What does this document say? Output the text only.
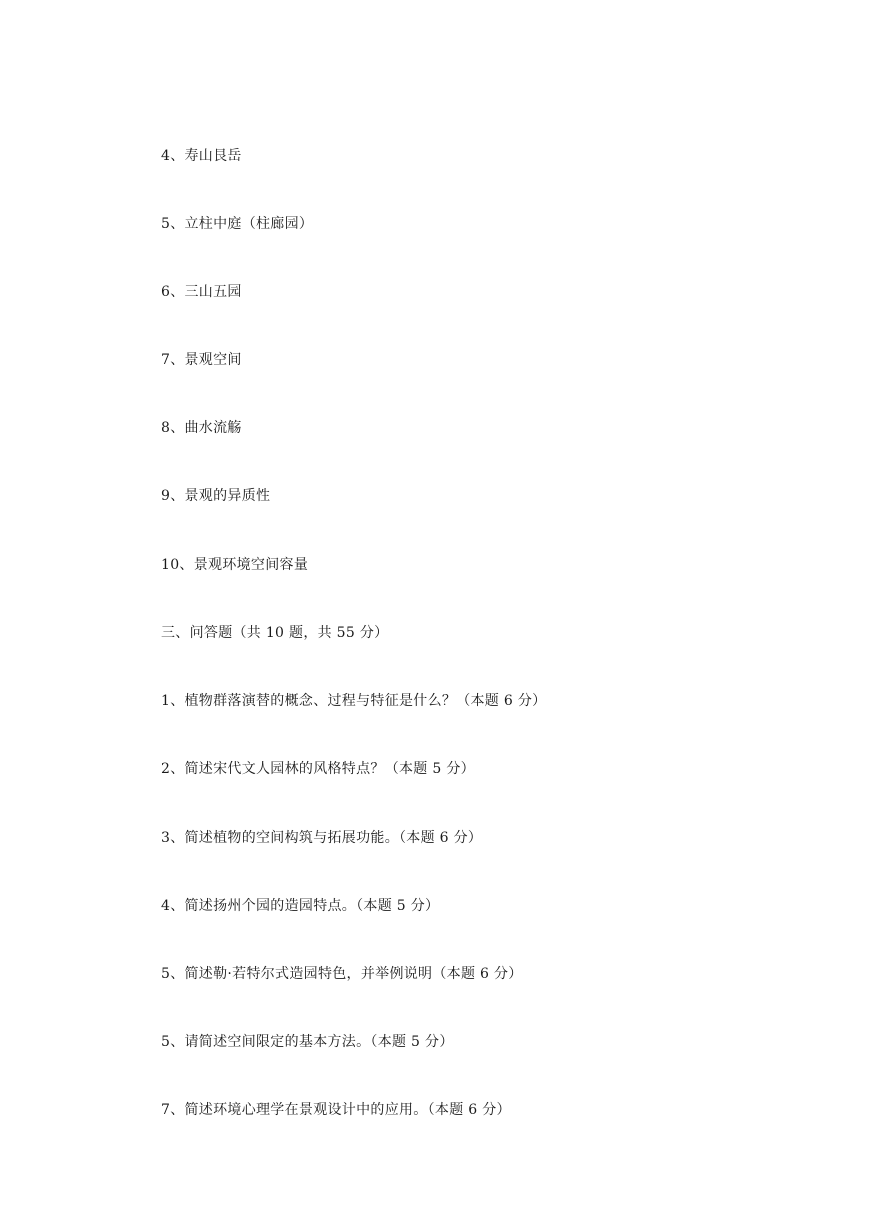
4、寿山艮岳
5、立柱中庭（柱廊园）
6、三山五园
7、景观空间
8、曲水流觞
9、景观的异质性
10、景观环境空间容量
三、问答题（共 10 题，共 55 分）
1、植物群落演替的概念、过程与特征是什么？（本题 6 分）
2、简述宋代文人园林的风格特点？（本题 5 分）
3、简述植物的空间构筑与拓展功能。（本题 6 分）
4、简述扬州个园的造园特点。（本题 5 分）
5、简述勒·若特尔式造园特色，并举例说明（本题 6 分）
5、请简述空间限定的基本方法。（本题 5 分）
7、简述环境心理学在景观设计中的应用。（本题 6 分）
